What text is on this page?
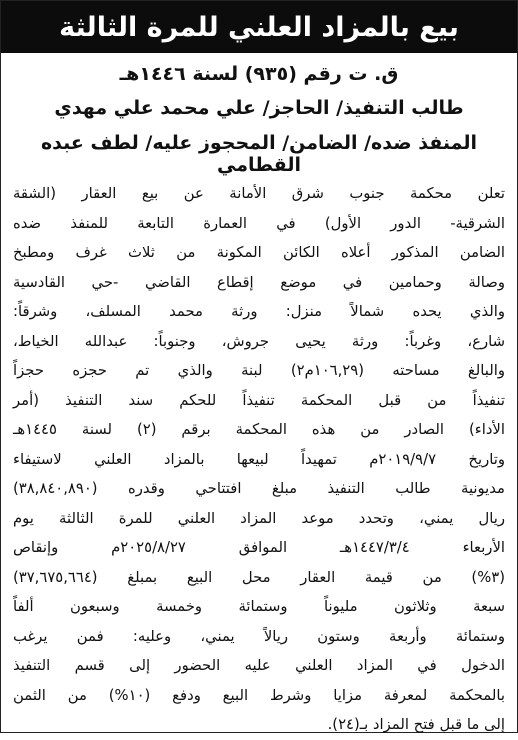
بيع بالمزاد العلني للمرة الثالثة
ق. ت رقم (٩٣٥) لسنة ١٤٤٦هـ
طالب التنفيذ/ الحاجز/ علي محمد علي مهدي
المنفذ ضده/ الضامن/ المحجوز عليه/ لطف عبده القطامي
تعلن محكمة جنوب شرق الأمانة عن بيع العقار (الشقة
الشرقية- الدور الأول) في العمارة التابعة للمنفذ ضده
الضامن المذكور أعلاه الكائن المكونة من ثلاث غرف ومطبخ
وصالة وحمامين في موضع إقطاع القاضي -حي القادسية
والذي يحده شمالاً منزل: ورثة محمد المسلف، وشرقاً:
شارع، وغرباً: ورثة يحيى جروش، وجنوباً: عبدالله الخياط،
والبالغ مساحته (١٠٦,٢٩م٢) لبنة والذي تم حجزه حجزاً
تنفيذاً من قبل المحكمة تنفيذاً للحكم سند التنفيذ (أمر
الأداء) الصادر من هذه المحكمة برقم (٢) لسنة ١٤٤٥هـ
وتاريخ ٢٠١٩/٩/٧م تمهيداً لبيعها بالمزاد العلني لاستيفاء
مديونية طالب التنفيذ مبلغ افتتاحي وقدره (٣٨,٨٤٠,٨٩٠)
ريال يمني، وتحدد موعد المزاد العلني للمرة الثالثة يوم
الأربعاء ١٤٤٧/٣/٤هـ الموافق ٢٠٢٥/٨/٢٧م وإنقاص
(٣%) من قيمة العقار محل البيع بمبلغ (٣٧,٦٧٥,٦٦٤)
سبعة وثلاثون مليوناً وستمائة وخمسة وسبعون ألفاً
وستمائة وأربعة وستون ريالاً يمني، وعليه: فمن يرغب
الدخول في المزاد العلني عليه الحضور إلى قسم التنفيذ
بالمحكمة لمعرفة مزايا وشرط البيع ودفع (١٠%) من الثمن
إلى ما قبل فتح المزاد بـ(٢٤).
